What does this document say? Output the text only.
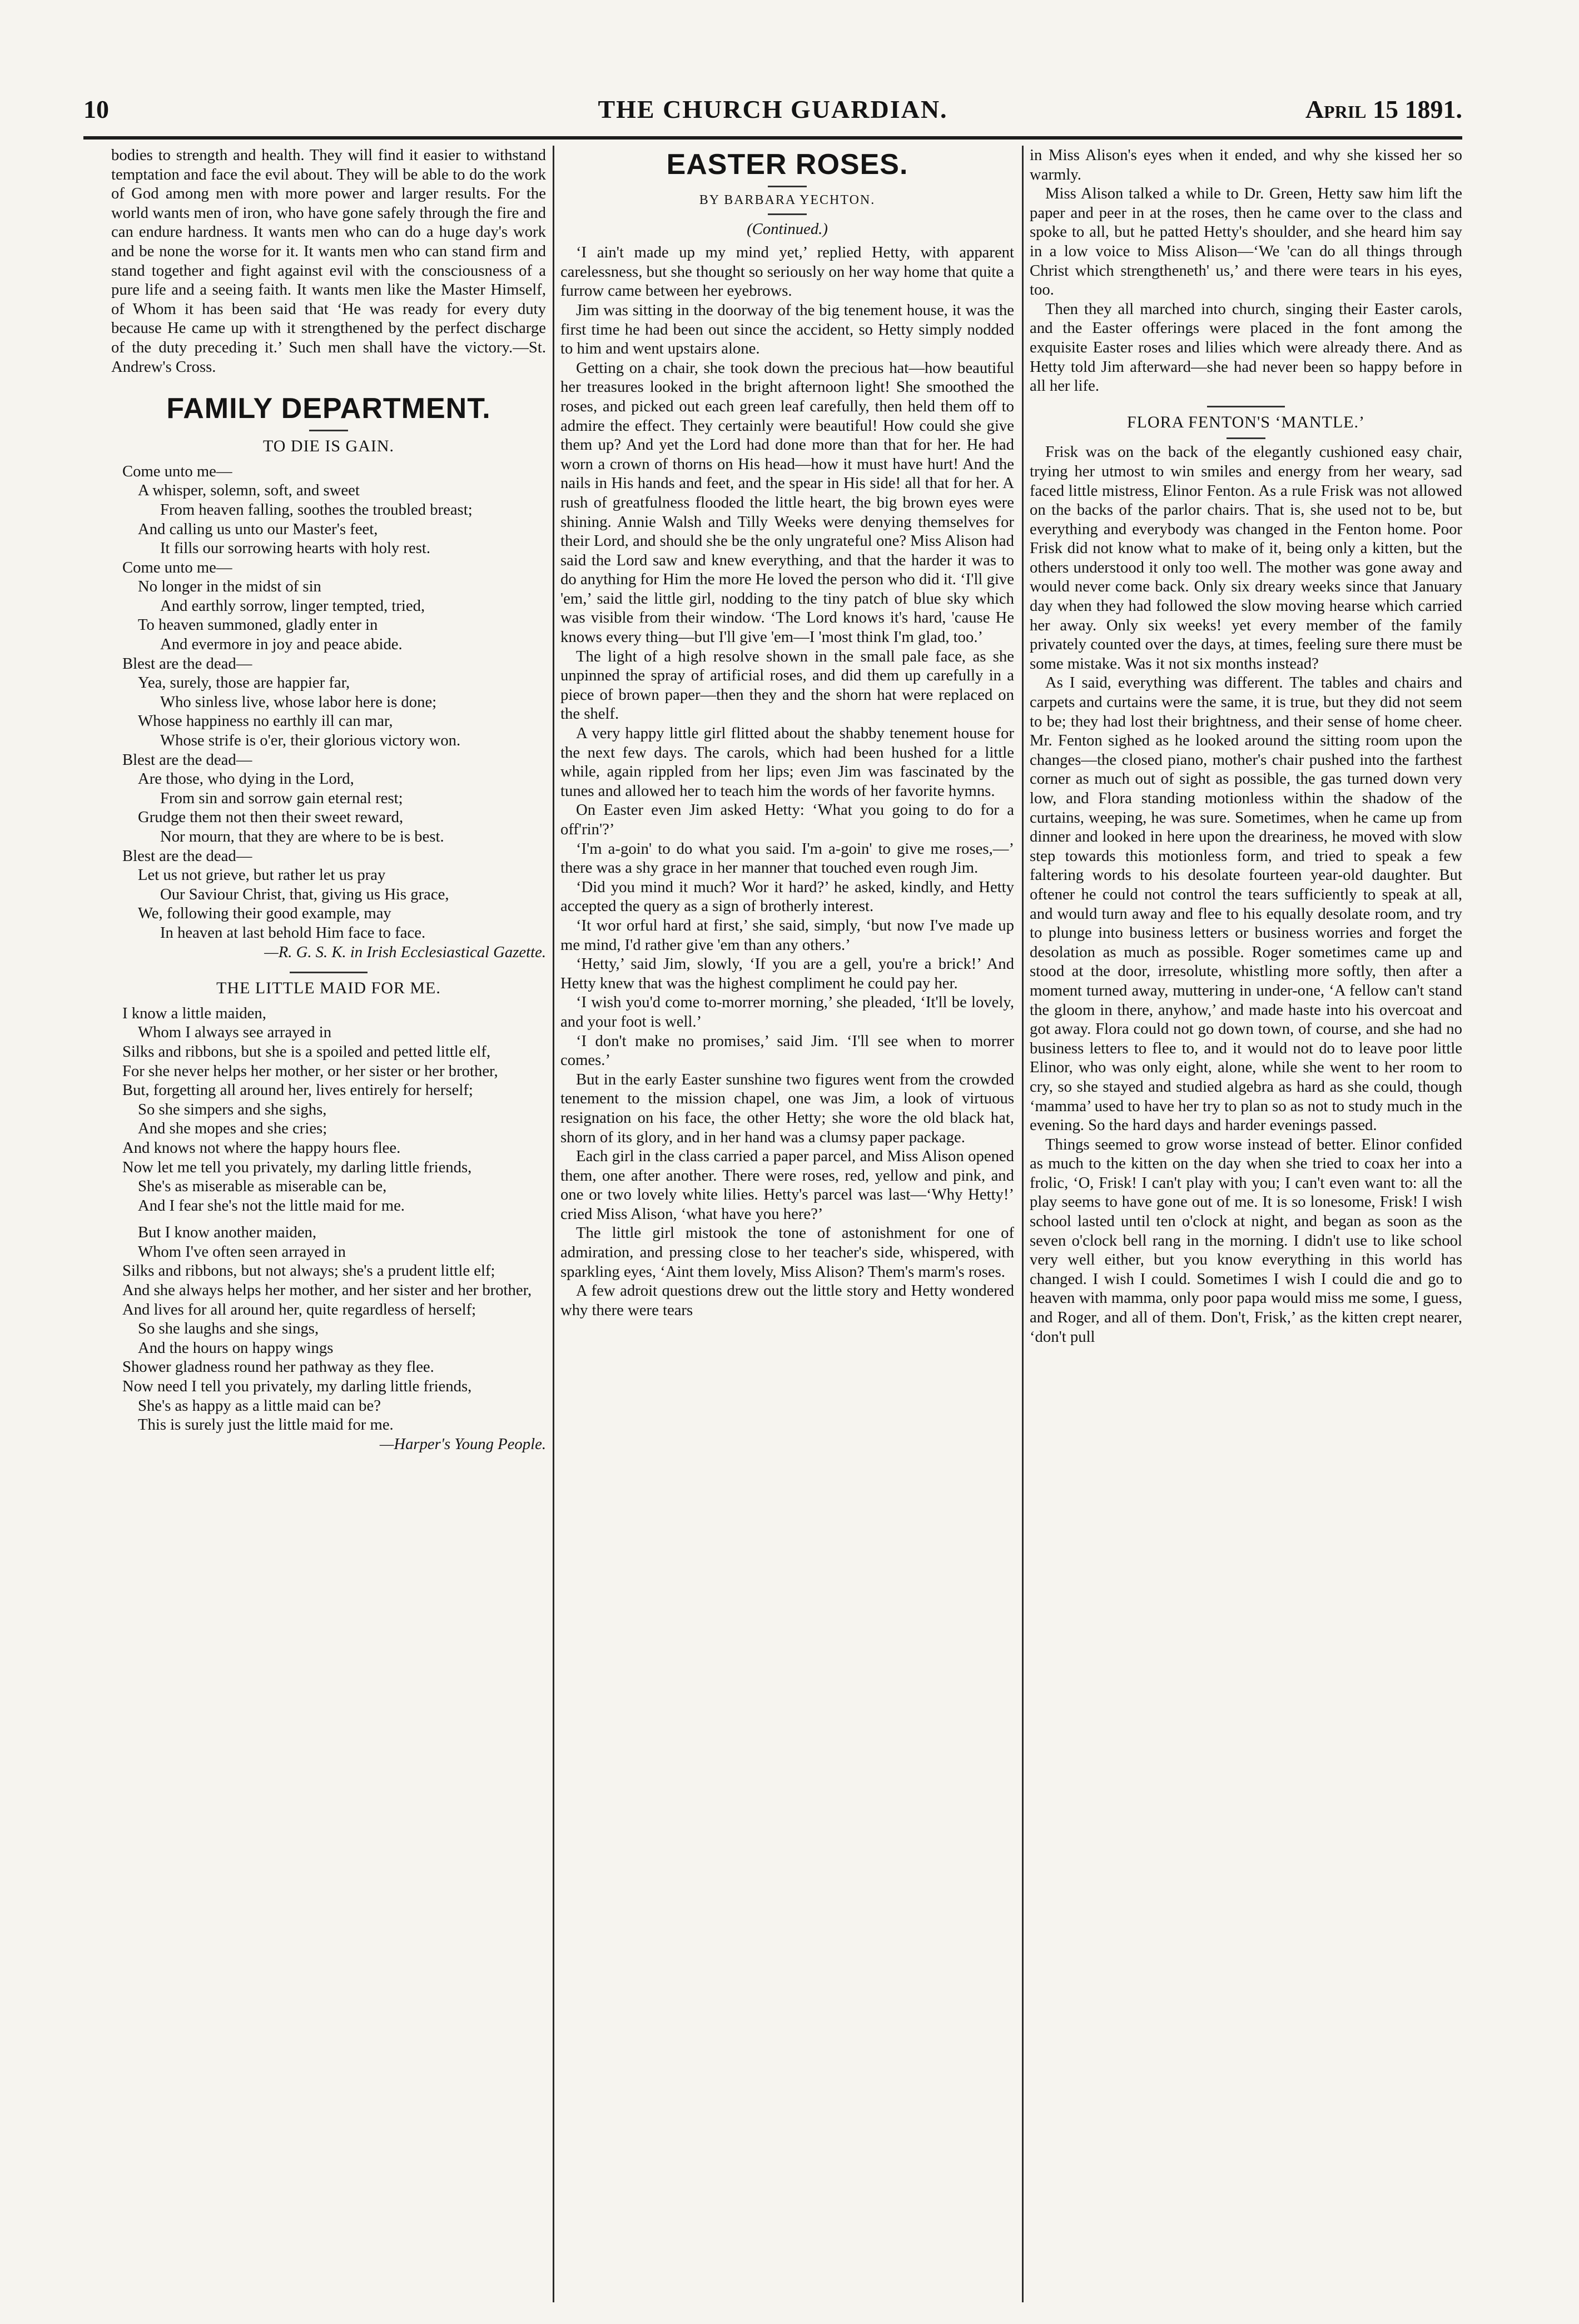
10	THE CHURCH GUARDIAN.	April 15 1891.

bodies to strength and health. They will find it easier to withstand temptation and face the evil about. They will be able to do the work of God among men with more power and larger results. For the world wants men of iron, who have gone safely through the fire and can endure hardness. It wants men who can do a huge day's work and be none the worse for it. It wants men who can stand firm and stand together and fight against evil with the consciousness of a pure life and a seeing faith. It wants men like the Master Himself, of Whom it has been said that ‘He was ready for every duty because He came up with it strengthened by the perfect discharge of the duty preceding it.’ Such men shall have the victory.—St. Andrew's Cross.

FAMILY DEPARTMENT.
TO DIE IS GAIN.
Come unto me—
A whisper, solemn, soft, and sweet
From heaven falling, soothes the troubled breast;
And calling us unto our Master's feet,
It fills our sorrowing hearts with holy rest.
Come unto me—
No longer in the midst of sin
And earthly sorrow, linger tempted, tried,
To heaven summoned, gladly enter in
And evermore in joy and peace abide.
Blest are the dead—
Yea, surely, those are happier far,
Who sinless live, whose labor here is done;
Whose happiness no earthly ill can mar,
Whose strife is o'er, their glorious victory won.
Blest are the dead—
Are those, who dying in the Lord,
From sin and sorrow gain eternal rest;
Grudge them not then their sweet reward,
Nor mourn, that they are where to be is best.
Blest are the dead—
Let us not grieve, but rather let us pray
Our Saviour Christ, that, giving us His grace,
We, following their good example, may
In heaven at last behold Him face to face.
—R. G. S. K. in Irish Ecclesiastical Gazette.
THE LITTLE MAID FOR ME.
I know a little maiden,
Whom I always see arrayed in
Silks and ribbons, but she is a spoiled and petted little elf,
For she never helps her mother, or her sister or her brother,
But, forgetting all around her, lives entirely for herself;
So she simpers and she sighs,
And she mopes and she cries;
And knows not where the happy hours flee.
Now let me tell you privately, my darling little friends,
She's as miserable as miserable can be,
And I fear she's not the little maid for me.
But I know another maiden,
Whom I've often seen arrayed in
Silks and ribbons, but not always; she's a prudent little elf;
And she always helps her mother, and her sister and her brother,
And lives for all around her, quite regardless of herself;
So she laughs and she sings,
And the hours on happy wings
Shower gladness round her pathway as they flee.
Now need I tell you privately, my darling little friends,
She's as happy as a little maid can be?
This is surely just the little maid for me.
—Harper's Young People.
EASTER ROSES.
BY BARBARA YECHTON.
(Continued.)

‘I ain't made up my mind yet,’ replied Hetty, with apparent carelessness, but she thought so seriously on her way home that quite a furrow came between her eyebrows.

Jim was sitting in the doorway of the big tenement house, it was the first time he had been out since the accident, so Hetty simply nodded to him and went upstairs alone.

Getting on a chair, she took down the precious hat—how beautiful her treasures looked in the bright afternoon light! She smoothed the roses, and picked out each green leaf carefully, then held them off to admire the effect. They certainly were beautiful! How could she give them up? And yet the Lord had done more than that for her. He had worn a crown of thorns on His head—how it must have hurt! And the nails in His hands and feet, and the spear in His side! all that for her. A rush of greatfulness flooded the little heart, the big brown eyes were shining. Annie Walsh and Tilly Weeks were denying themselves for their Lord, and should she be the only ungrateful one? Miss Alison had said the Lord saw and knew everything, and that the harder it was to do anything for Him the more He loved the person who did it. ‘I'll give 'em,’ said the little girl, nodding to the tiny patch of blue sky which was visible from their window. ‘The Lord knows it's hard, 'cause He knows every thing—but I'll give 'em—I 'most think I'm glad, too.’

The light of a high resolve shown in the small pale face, as she unpinned the spray of artificial roses, and did them up carefully in a piece of brown paper—then they and the shorn hat were replaced on the shelf.

A very happy little girl flitted about the shabby tenement house for the next few days. The carols, which had been hushed for a little while, again rippled from her lips; even Jim was fascinated by the tunes and allowed her to teach him the words of her favorite hymns.

On Easter even Jim asked Hetty: ‘What you going to do for a off'rin'?’

‘I'm a-goin' to do what you said. I'm a-goin' to give me roses,—’ there was a shy grace in her manner that touched even rough Jim.

‘Did you mind it much? Wor it hard?’ he asked, kindly, and Hetty accepted the query as a sign of brotherly interest.

‘It wor orful hard at first,’ she said, simply, ‘but now I've made up me mind, I'd rather give 'em than any others.’

‘Hetty,’ said Jim, slowly, ‘If you are a gell, you're a brick!’ And Hetty knew that was the highest compliment he could pay her.

‘I wish you'd come to-morrer morning,’ she pleaded, ‘It'll be lovely, and your foot is well.’

‘I don't make no promises,’ said Jim. ‘I'll see when to morrer comes.’

But in the early Easter sunshine two figures went from the crowded tenement to the mission chapel, one was Jim, a look of virtuous resignation on his face, the other Hetty; she wore the old black hat, shorn of its glory, and in her hand was a clumsy paper package.

Each girl in the class carried a paper parcel, and Miss Alison opened them, one after another. There were roses, red, yellow and pink, and one or two lovely white lilies. Hetty's parcel was last—‘Why Hetty!’ cried Miss Alison, ‘what have you here?’

The little girl mistook the tone of astonishment for one of admiration, and pressing close to her teacher's side, whispered, with sparkling eyes, ‘Aint them lovely, Miss Alison? Them's marm's roses.

A few adroit questions drew out the little story and Hetty wondered why there were tears

in Miss Alison's eyes when it ended, and why she kissed her so warmly.

Miss Alison talked a while to Dr. Green, Hetty saw him lift the paper and peer in at the roses, then he came over to the class and spoke to all, but he patted Hetty's shoulder, and she heard him say in a low voice to Miss Alison—‘We 'can do all things through Christ which strengtheneth' us,’ and there were tears in his eyes, too.

Then they all marched into church, singing their Easter carols, and the Easter offerings were placed in the font among the exquisite Easter roses and lilies which were already there. And as Hetty told Jim afterward—she had never been so happy before in all her life.

FLORA FENTON'S ‘MANTLE.’

Frisk was on the back of the elegantly cushioned easy chair, trying her utmost to win smiles and energy from her weary, sad faced little mistress, Elinor Fenton. As a rule Frisk was not allowed on the backs of the parlor chairs. That is, she used not to be, but everything and everybody was changed in the Fenton home. Poor Frisk did not know what to make of it, being only a kitten, but the others understood it only too well. The mother was gone away and would never come back. Only six dreary weeks since that January day when they had followed the slow moving hearse which carried her away. Only six weeks! yet every member of the family privately counted over the days, at times, feeling sure there must be some mistake. Was it not six months instead?

As I said, everything was different. The tables and chairs and carpets and curtains were the same, it is true, but they did not seem to be; they had lost their brightness, and their sense of home cheer. Mr. Fenton sighed as he looked around the sitting room upon the changes—the closed piano, mother's chair pushed into the farthest corner as much out of sight as possible, the gas turned down very low, and Flora standing motionless within the shadow of the curtains, weeping, he was sure. Sometimes, when he came up from dinner and looked in here upon the dreariness, he moved with slow step towards this motionless form, and tried to speak a few faltering words to his desolate fourteen year-old daughter. But oftener he could not control the tears sufficiently to speak at all, and would turn away and flee to his equally desolate room, and try to plunge into business letters or business worries and forget the desolation as much as possible. Roger sometimes came up and stood at the door, irresolute, whistling more softly, then after a moment turned away, muttering in under-one, ‘A fellow can't stand the gloom in there, anyhow,’ and made haste into his overcoat and got away. Flora could not go down town, of course, and she had no business letters to flee to, and it would not do to leave poor little Elinor, who was only eight, alone, while she went to her room to cry, so she stayed and studied algebra as hard as she could, though ‘mamma’ used to have her try to plan so as not to study much in the evening. So the hard days and harder evenings passed.

Things seemed to grow worse instead of better. Elinor confided as much to the kitten on the day when she tried to coax her into a frolic, ‘O, Frisk! I can't play with you; I can't even want to: all the play seems to have gone out of me. It is so lonesome, Frisk! I wish school lasted until ten o'clock at night, and began as soon as the seven o'clock bell rang in the morning. I didn't use to like school very well either, but you know everything in this world has changed. I wish I could. Sometimes I wish I could die and go to heaven with mamma, only poor papa would miss me some, I guess, and Roger, and all of them. Don't, Frisk,’ as the kitten crept nearer, ‘don't pull
